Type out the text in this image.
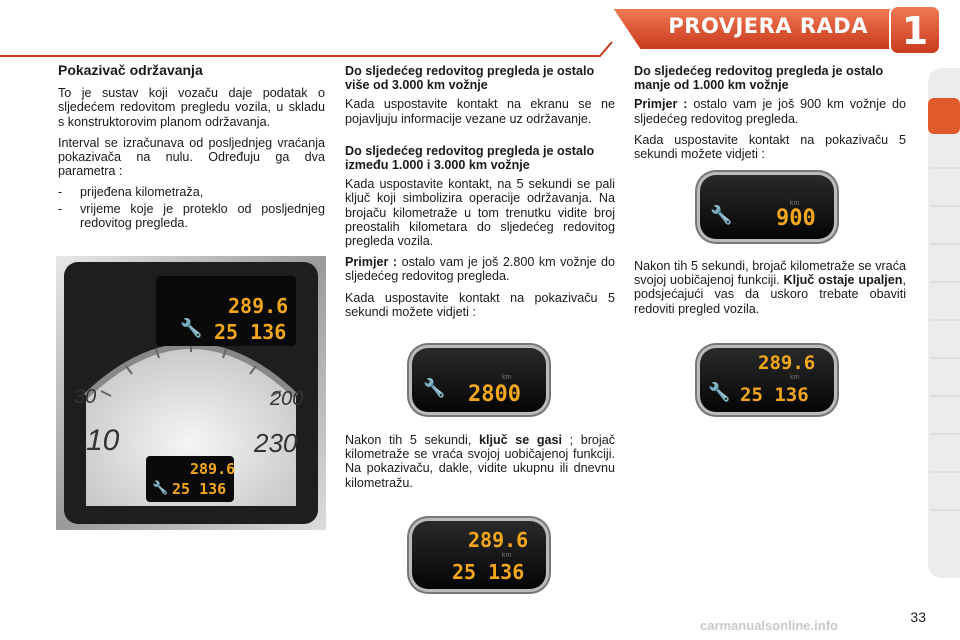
PROVJERA RADA 1
Pokazivač održavanja

To je sustav koji vozaču daje podatak o sljedećem redovitom pregledu vozila, u skladu s konstruktorovim planom održavanja.

Interval se izračunava od posljednjeg vraćanja pokazivača na nulu. Određuju ga dva parametra :

-	prijeđena kilometraža,
-	vrijeme koje je proteklo od posljednjeg redovitog pregleda.
289.6
25 136
🔧
30
10
200
230
289.6
25 136
🔧
Do sljedećeg redovitog pregleda je ostalo više od 3.000 km vožnje

Kada uspostavite kontakt na ekranu se ne pojavljuju informacije vezane uz održavanje.

Do sljedećeg redovitog pregleda je ostalo između 1.000 i 3.000 km vožnje

Kada uspostavite kontakt, na 5 sekundi se pali ključ koji simbolizira operacije održavanja. Na brojaču kilometraže u tom trenutku vidite broj preostalih kilometara do sljedećeg redovitog pregleda vozila.

Primjer : ostalo vam je još 2.800 km vožnje do sljedećeg redovitog pregleda.

Kada uspostavite kontakt na pokazivaču 5 sekundi možete vidjeti :

Nakon tih 5 sekundi, ključ se gasi ; brojač kilometraže se vraća svojoj uobičajenoj funkciji. Na pokazivaču, dakle, vidite ukupnu ili dnevnu kilometražu.

🔧
km
2800
289.6
km
25 136
Do sljedećeg redovitog pregleda je ostalo manje od 1.000 km vožnje

Primjer : ostalo vam je još 900 km vožnje do sljedećeg redovitog pregleda.

Kada uspostavite kontakt na pokazivaču 5 sekundi možete vidjeti :

Nakon tih 5 sekundi, brojač kilometraže se vraća svojoj uobičajenoj funkciji. Ključ ostaje upaljen, podsjećajući vas da uskoro trebate obaviti redoviti pregled vozila.

🔧
km
900
289.6
km
🔧 25 136
33
carmanualsonline.info
